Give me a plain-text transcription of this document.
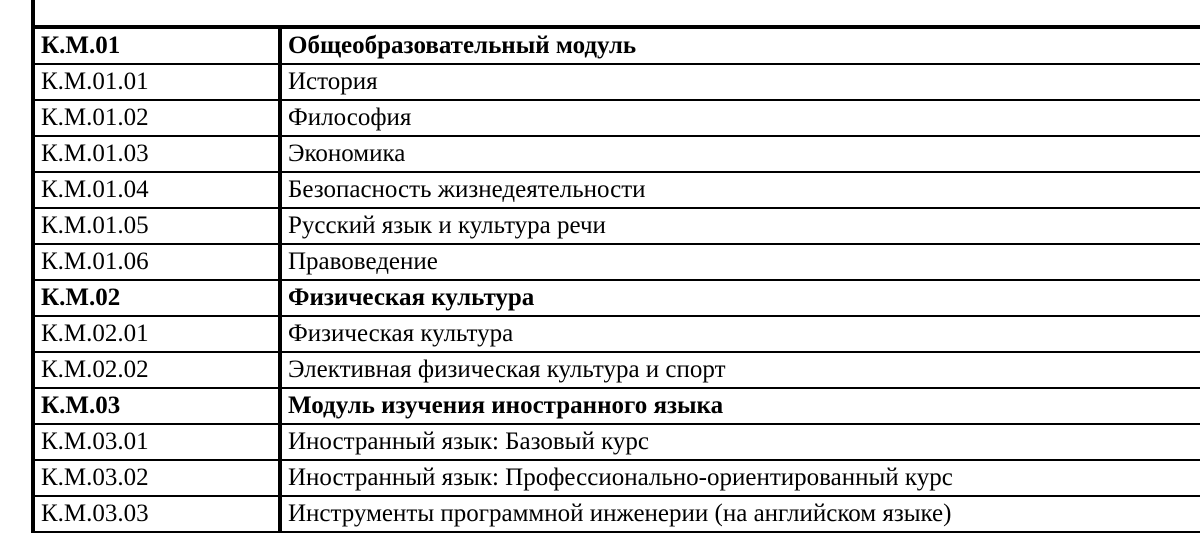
К.М.01	Общеобразовательный модуль
К.М.01.01	История
К.М.01.02	Философия
К.М.01.03	Экономика
К.М.01.04	Безопасность жизнедеятельности
К.М.01.05	Русский язык и культура речи
К.М.01.06	Правоведение
К.М.02	Физическая культура
К.М.02.01	Физическая культура
К.М.02.02	Элективная физическая культура и спорт
К.М.03	Модуль изучения иностранного языка
К.М.03.01	Иностранный язык: Базовый курс
К.М.03.02	Иностранный язык: Профессионально-ориентированный курс
К.М.03.03	Инструменты программной инженерии (на английском языке)
